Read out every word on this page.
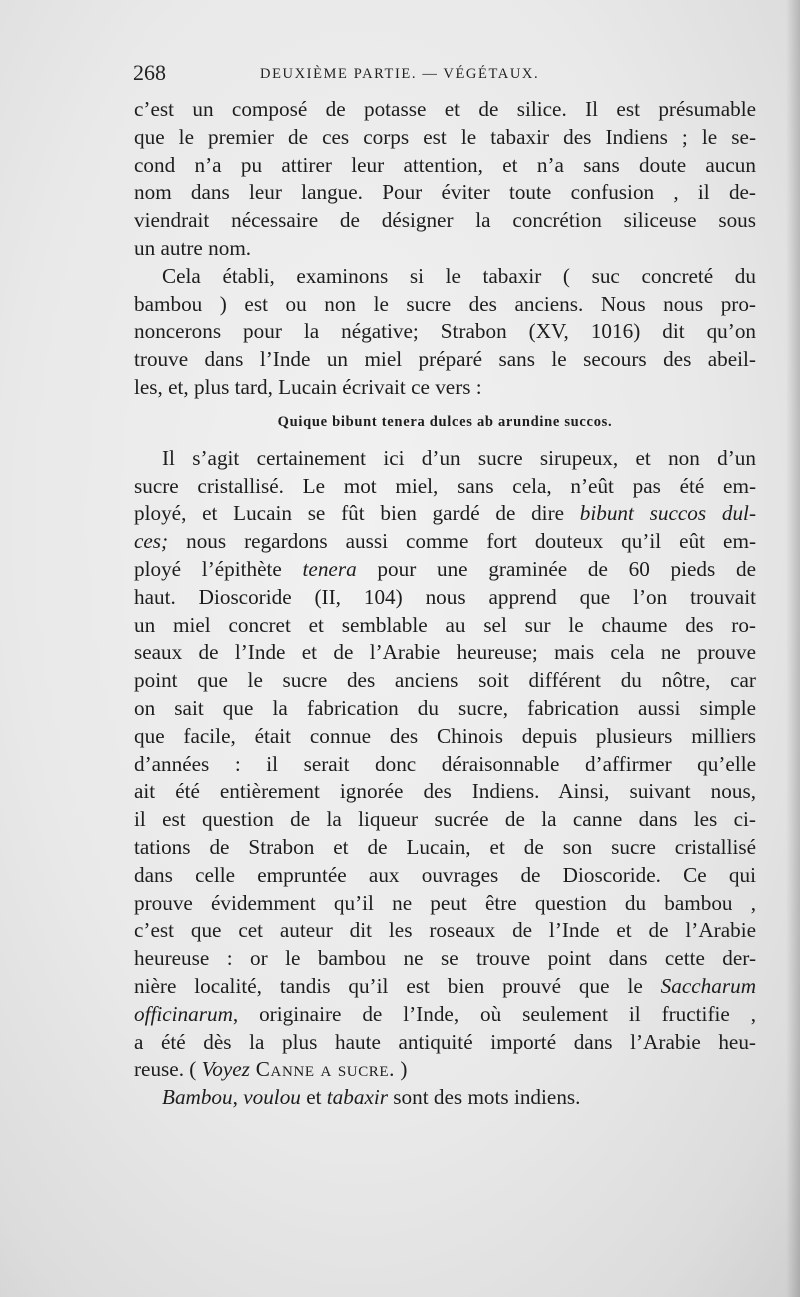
268	DEUXIÈME PARTIE. — VÉGÉTAUX.
c’est un composé de potasse et de silice. Il est présumable
que le premier de ces corps est le tabaxir des Indiens ; le se-
cond n’a pu attirer leur attention, et n’a sans doute aucun
nom dans leur langue. Pour éviter toute confusion , il de-
viendrait nécessaire de désigner la concrétion siliceuse sous
un autre nom.
Cela établi, examinons si le tabaxir ( suc concreté du
bambou ) est ou non le sucre des anciens. Nous nous pro-
noncerons pour la négative; Strabon (XV, 1016) dit qu’on
trouve dans l’Inde un miel préparé sans le secours des abeil-
les, et, plus tard, Lucain écrivait ce vers :
Quique bibunt tenera dulces ab arundine succos.
Il s’agit certainement ici d’un sucre sirupeux, et non d’un
sucre cristallisé. Le mot miel, sans cela, n’eût pas été em-
ployé, et Lucain se fût bien gardé de dire bibunt succos dul-
ces; nous regardons aussi comme fort douteux qu’il eût em-
ployé l’épithète tenera pour une graminée de 60 pieds de
haut. Dioscoride (II, 104) nous apprend que l’on trouvait
un miel concret et semblable au sel sur le chaume des ro-
seaux de l’Inde et de l’Arabie heureuse; mais cela ne prouve
point que le sucre des anciens soit différent du nôtre, car
on sait que la fabrication du sucre, fabrication aussi simple
que facile, était connue des Chinois depuis plusieurs milliers
d’années : il serait donc déraisonnable d’affirmer qu’elle
ait été entièrement ignorée des Indiens. Ainsi, suivant nous,
il est question de la liqueur sucrée de la canne dans les ci-
tations de Strabon et de Lucain, et de son sucre cristallisé
dans celle empruntée aux ouvrages de Dioscoride. Ce qui
prouve évidemment qu’il ne peut être question du bambou ,
c’est que cet auteur dit les roseaux de l’Inde et de l’Arabie
heureuse : or le bambou ne se trouve point dans cette der-
nière localité, tandis qu’il est bien prouvé que le Saccharum
officinarum, originaire de l’Inde, où seulement il fructifie ,
a été dès la plus haute antiquité importé dans l’Arabie heu-
reuse. ( Voyez Canne a sucre. )
Bambou, voulou et tabaxir sont des mots indiens.
